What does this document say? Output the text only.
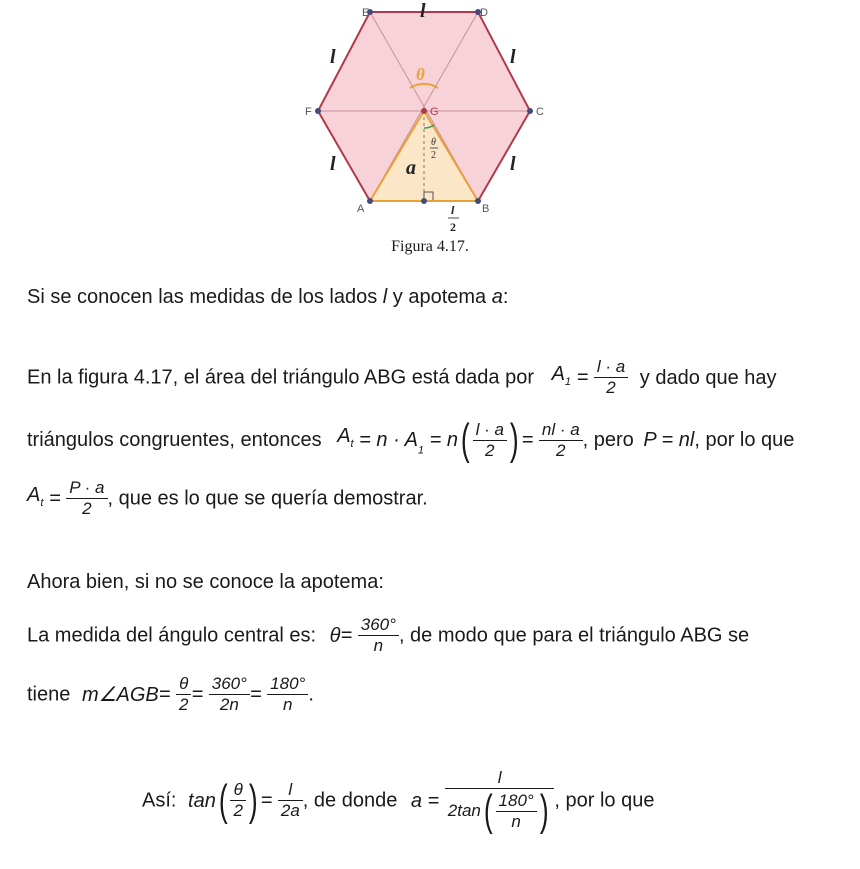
A	B
C
D
E
F	G
l
l	l
l	l
a
θ
θ
2
l
2
Figura 4.17.
Si se conocen las medidas de los lados l y apotema a:
En la figura 4.17, el área del triángulo ABG está dada por $A_1 = \frac{l \cdot a}{2}$ y dado que hay
triángulos congruentes, entonces $A_t = n \cdot A_1 = n( \frac{l \cdot a}{2}$ ) = $\frac{nl \cdot a}{2}$ , pero P = nl, por lo que
$A_t = \frac{P \cdot a}{2}$ , que es lo que se quería demostrar.
Ahora bien, si no se conoce la apotema:
La medida del ángulo central es: $\theta= \frac{360^\circ}{n}$ , de modo que para el triángulo ABG se
tiene m∠AGB= $\frac{\theta}{2} = \frac{360^\circ}{2n} = \frac{180^\circ}{n}$ .
Así: $\tan( \frac{\theta}{2}$ ) = $\frac{l}{2a}$ , de donde $a = \frac{l}{2\tan( \frac{180^\circ}{n} )}$ , por lo que
